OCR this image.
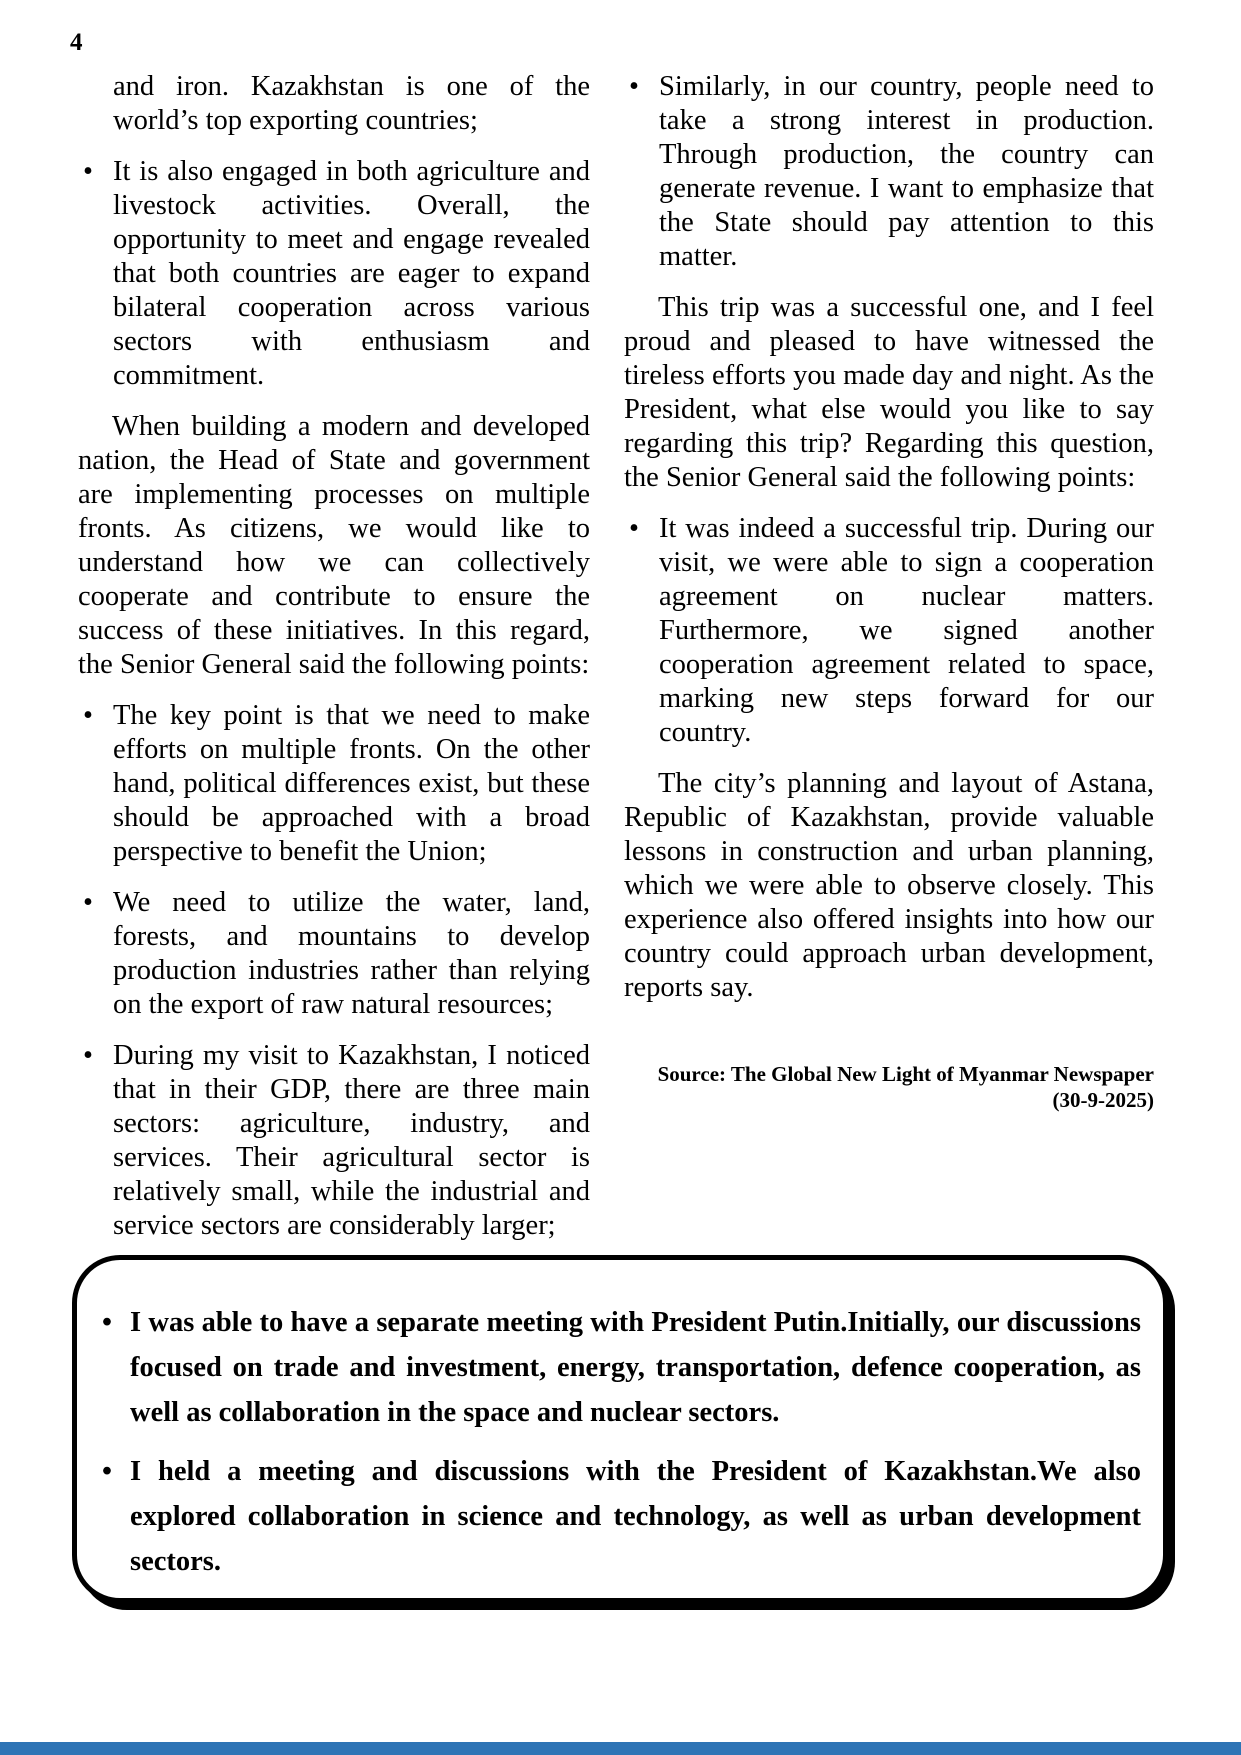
4
and iron. Kazakhstan is one of the world’s top exporting countries;
• It is also engaged in both agriculture and livestock activities. Overall, the opportunity to meet and engage revealed that both countries are eager to expand bilateral cooperation across various sectors with enthusiasm and commitment.
When building a modern and developed nation, the Head of State and government are implementing processes on multiple fronts. As citizens, we would like to understand how we can collectively cooperate and contribute to ensure the success of these initiatives. In this regard, the Senior General said the following points:
• The key point is that we need to make efforts on multiple fronts. On the other hand, political differences exist, but these should be approached with a broad perspective to benefit the Union;
• We need to utilize the water, land, forests, and mountains to develop production industries rather than relying on the export of raw natural resources;
• During my visit to Kazakhstan, I noticed that in their GDP, there are three main sectors: agriculture, industry, and services. Their agricultural sector is relatively small, while the industrial and service sectors are considerably larger;
• Similarly, in our country, people need to take a strong interest in production. Through production, the country can generate revenue. I want to emphasize that the State should pay attention to this matter.
This trip was a successful one, and I feel proud and pleased to have witnessed the tireless efforts you made day and night. As the President, what else would you like to say regarding this trip? Regarding this question, the Senior General said the following points:
• It was indeed a successful trip. During our visit, we were able to sign a cooperation agreement on nuclear matters. Furthermore, we signed another cooperation agreement related to space, marking new steps forward for our country.
The city’s planning and layout of Astana, Republic of Kazakhstan, provide valuable lessons in construction and urban planning, which we were able to observe closely. This experience also offered insights into how our country could approach urban development, reports say.
Source: The Global New Light of Myanmar Newspaper (30-9-2025)
• I was able to have a separate meeting with President Putin.Initially, our discussions focused on trade and investment, energy, transportation, defence cooperation, as well as collaboration in the space and nuclear sectors.
• I held a meeting and discussions with the President of Kazakhstan.We also explored collaboration in science and technology, as well as urban development sectors.
